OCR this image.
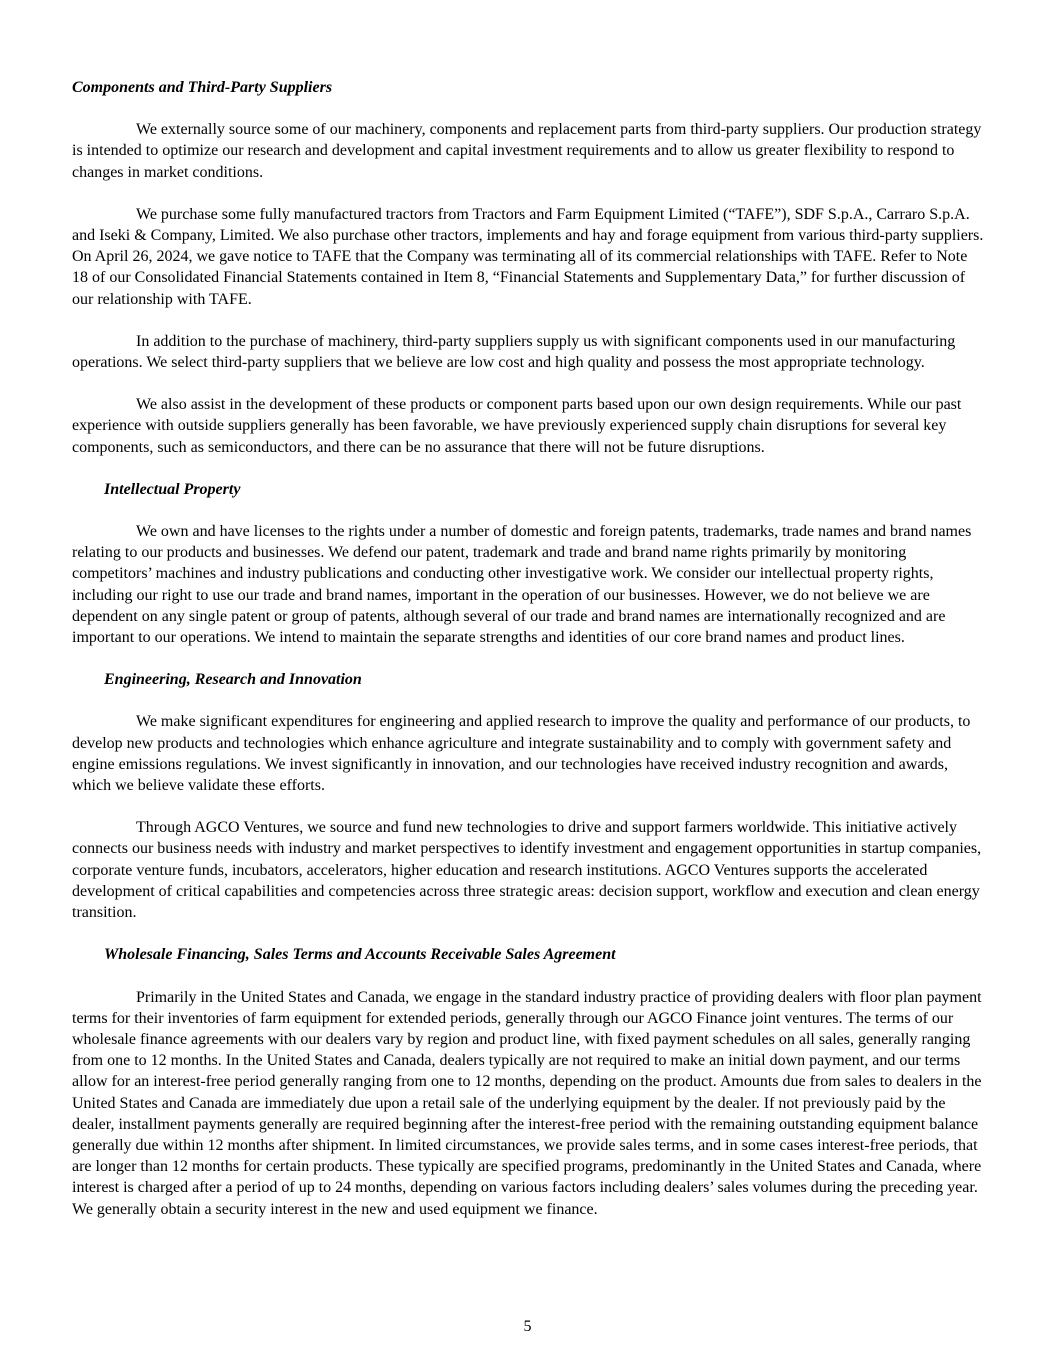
Components and Third-Party Suppliers

We externally source some of our machinery, components and replacement parts from third-party suppliers. Our production strategy is intended to optimize our research and development and capital investment requirements and to allow us greater flexibility to respond to changes in market conditions.

We purchase some fully manufactured tractors from Tractors and Farm Equipment Limited (“TAFE”), SDF S.p.A., Carraro S.p.A. and Iseki & Company, Limited. We also purchase other tractors, implements and hay and forage equipment from various third-party suppliers. On April 26, 2024, we gave notice to TAFE that the Company was terminating all of its commercial relationships with TAFE. Refer to Note 18 of our Consolidated Financial Statements contained in Item 8, “Financial Statements and Supplementary Data,” for further discussion of our relationship with TAFE.

In addition to the purchase of machinery, third-party suppliers supply us with significant components used in our manufacturing operations. We select third-party suppliers that we believe are low cost and high quality and possess the most appropriate technology.

We also assist in the development of these products or component parts based upon our own design requirements. While our past experience with outside suppliers generally has been favorable, we have previously experienced supply chain disruptions for several key components, such as semiconductors, and there can be no assurance that there will not be future disruptions.

Intellectual Property

We own and have licenses to the rights under a number of domestic and foreign patents, trademarks, trade names and brand names relating to our products and businesses. We defend our patent, trademark and trade and brand name rights primarily by monitoring competitors’ machines and industry publications and conducting other investigative work. We consider our intellectual property rights, including our right to use our trade and brand names, important in the operation of our businesses. However, we do not believe we are dependent on any single patent or group of patents, although several of our trade and brand names are internationally recognized and are important to our operations. We intend to maintain the separate strengths and identities of our core brand names and product lines.

Engineering, Research and Innovation

We make significant expenditures for engineering and applied research to improve the quality and performance of our products, to develop new products and technologies which enhance agriculture and integrate sustainability and to comply with government safety and engine emissions regulations. We invest significantly in innovation, and our technologies have received industry recognition and awards, which we believe validate these efforts.

Through AGCO Ventures, we source and fund new technologies to drive and support farmers worldwide. This initiative actively connects our business needs with industry and market perspectives to identify investment and engagement opportunities in startup companies, corporate venture funds, incubators, accelerators, higher education and research institutions. AGCO Ventures supports the accelerated development of critical capabilities and competencies across three strategic areas: decision support, workflow and execution and clean energy transition.

Wholesale Financing, Sales Terms and Accounts Receivable Sales Agreement

Primarily in the United States and Canada, we engage in the standard industry practice of providing dealers with floor plan payment terms for their inventories of farm equipment for extended periods, generally through our AGCO Finance joint ventures. The terms of our wholesale finance agreements with our dealers vary by region and product line, with fixed payment schedules on all sales, generally ranging from one to 12 months. In the United States and Canada, dealers typically are not required to make an initial down payment, and our terms allow for an interest-free period generally ranging from one to 12 months, depending on the product. Amounts due from sales to dealers in the United States and Canada are immediately due upon a retail sale of the underlying equipment by the dealer. If not previously paid by the dealer, installment payments generally are required beginning after the interest-free period with the remaining outstanding equipment balance generally due within 12 months after shipment. In limited circumstances, we provide sales terms, and in some cases interest-free periods, that are longer than 12 months for certain products. These typically are specified programs, predominantly in the United States and Canada, where interest is charged after a period of up to 24 months, depending on various factors including dealers’ sales volumes during the preceding year. We generally obtain a security interest in the new and used equipment we finance.

5
